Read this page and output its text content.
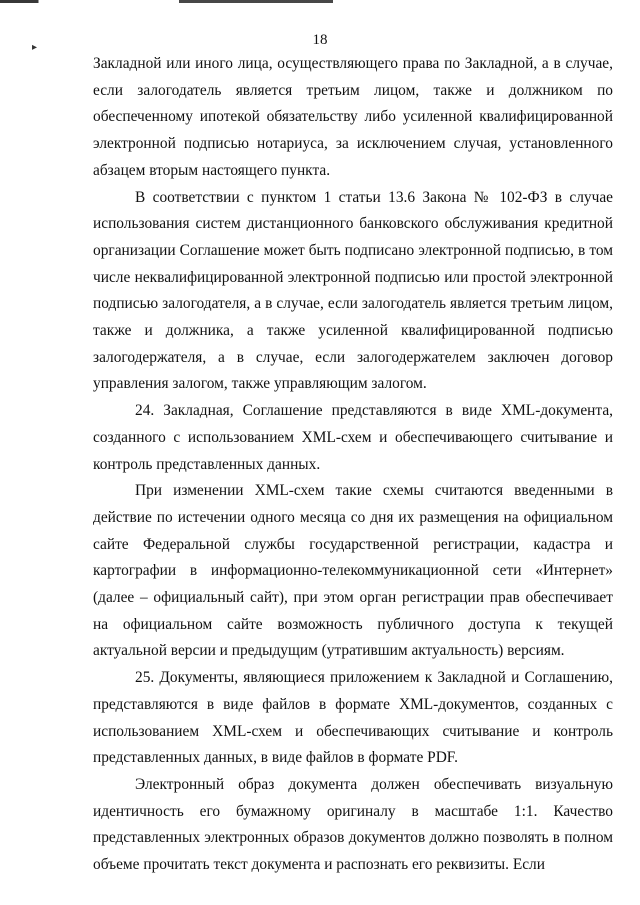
18
▸

Закладной или иного лица, осуществляющего права по Закладной, а в случае, если залогодатель является третьим лицом, также и должником по обеспеченному ипотекой обязательству либо усиленной квалифицированной электронной подписью нотариуса, за исключением случая, установленного абзацем вторым настоящего пункта.

В соответствии с пунктом 1 статьи 13.6 Закона № 102-ФЗ в случае использования систем дистанционного банковского обслуживания кредитной организации Соглашение может быть подписано электронной подписью, в том числе неквалифицированной электронной подписью или простой электронной подписью залогодателя, а в случае, если залогодатель является третьим лицом, также и должника, а также усиленной квалифицированной подписью залогодержателя, а в случае, если залогодержателем заключен договор управления залогом, также управляющим залогом.

24. Закладная, Соглашение представляются в виде XML-документа, созданного с использованием XML-схем и обеспечивающего считывание и контроль представленных данных.

При изменении XML-схем такие схемы считаются введенными в действие по истечении одного месяца со дня их размещения на официальном сайте Федеральной службы государственной регистрации, кадастра и картографии в информационно-телекоммуникационной сети «Интернет» (далее – официальный сайт), при этом орган регистрации прав обеспечивает на официальном сайте возможность публичного доступа к текущей актуальной версии и предыдущим (утратившим актуальность) версиям.

25. Документы, являющиеся приложением к Закладной и Соглашению, представляются в виде файлов в формате XML-документов, созданных с использованием XML-схем и обеспечивающих считывание и контроль представленных данных, в виде файлов в формате PDF.

Электронный образ документа должен обеспечивать визуальную идентичность его бумажному оригиналу в масштабе 1:1. Качество представленных электронных образов документов должно позволять в полном объеме прочитать текст документа и распознать его реквизиты. Если
